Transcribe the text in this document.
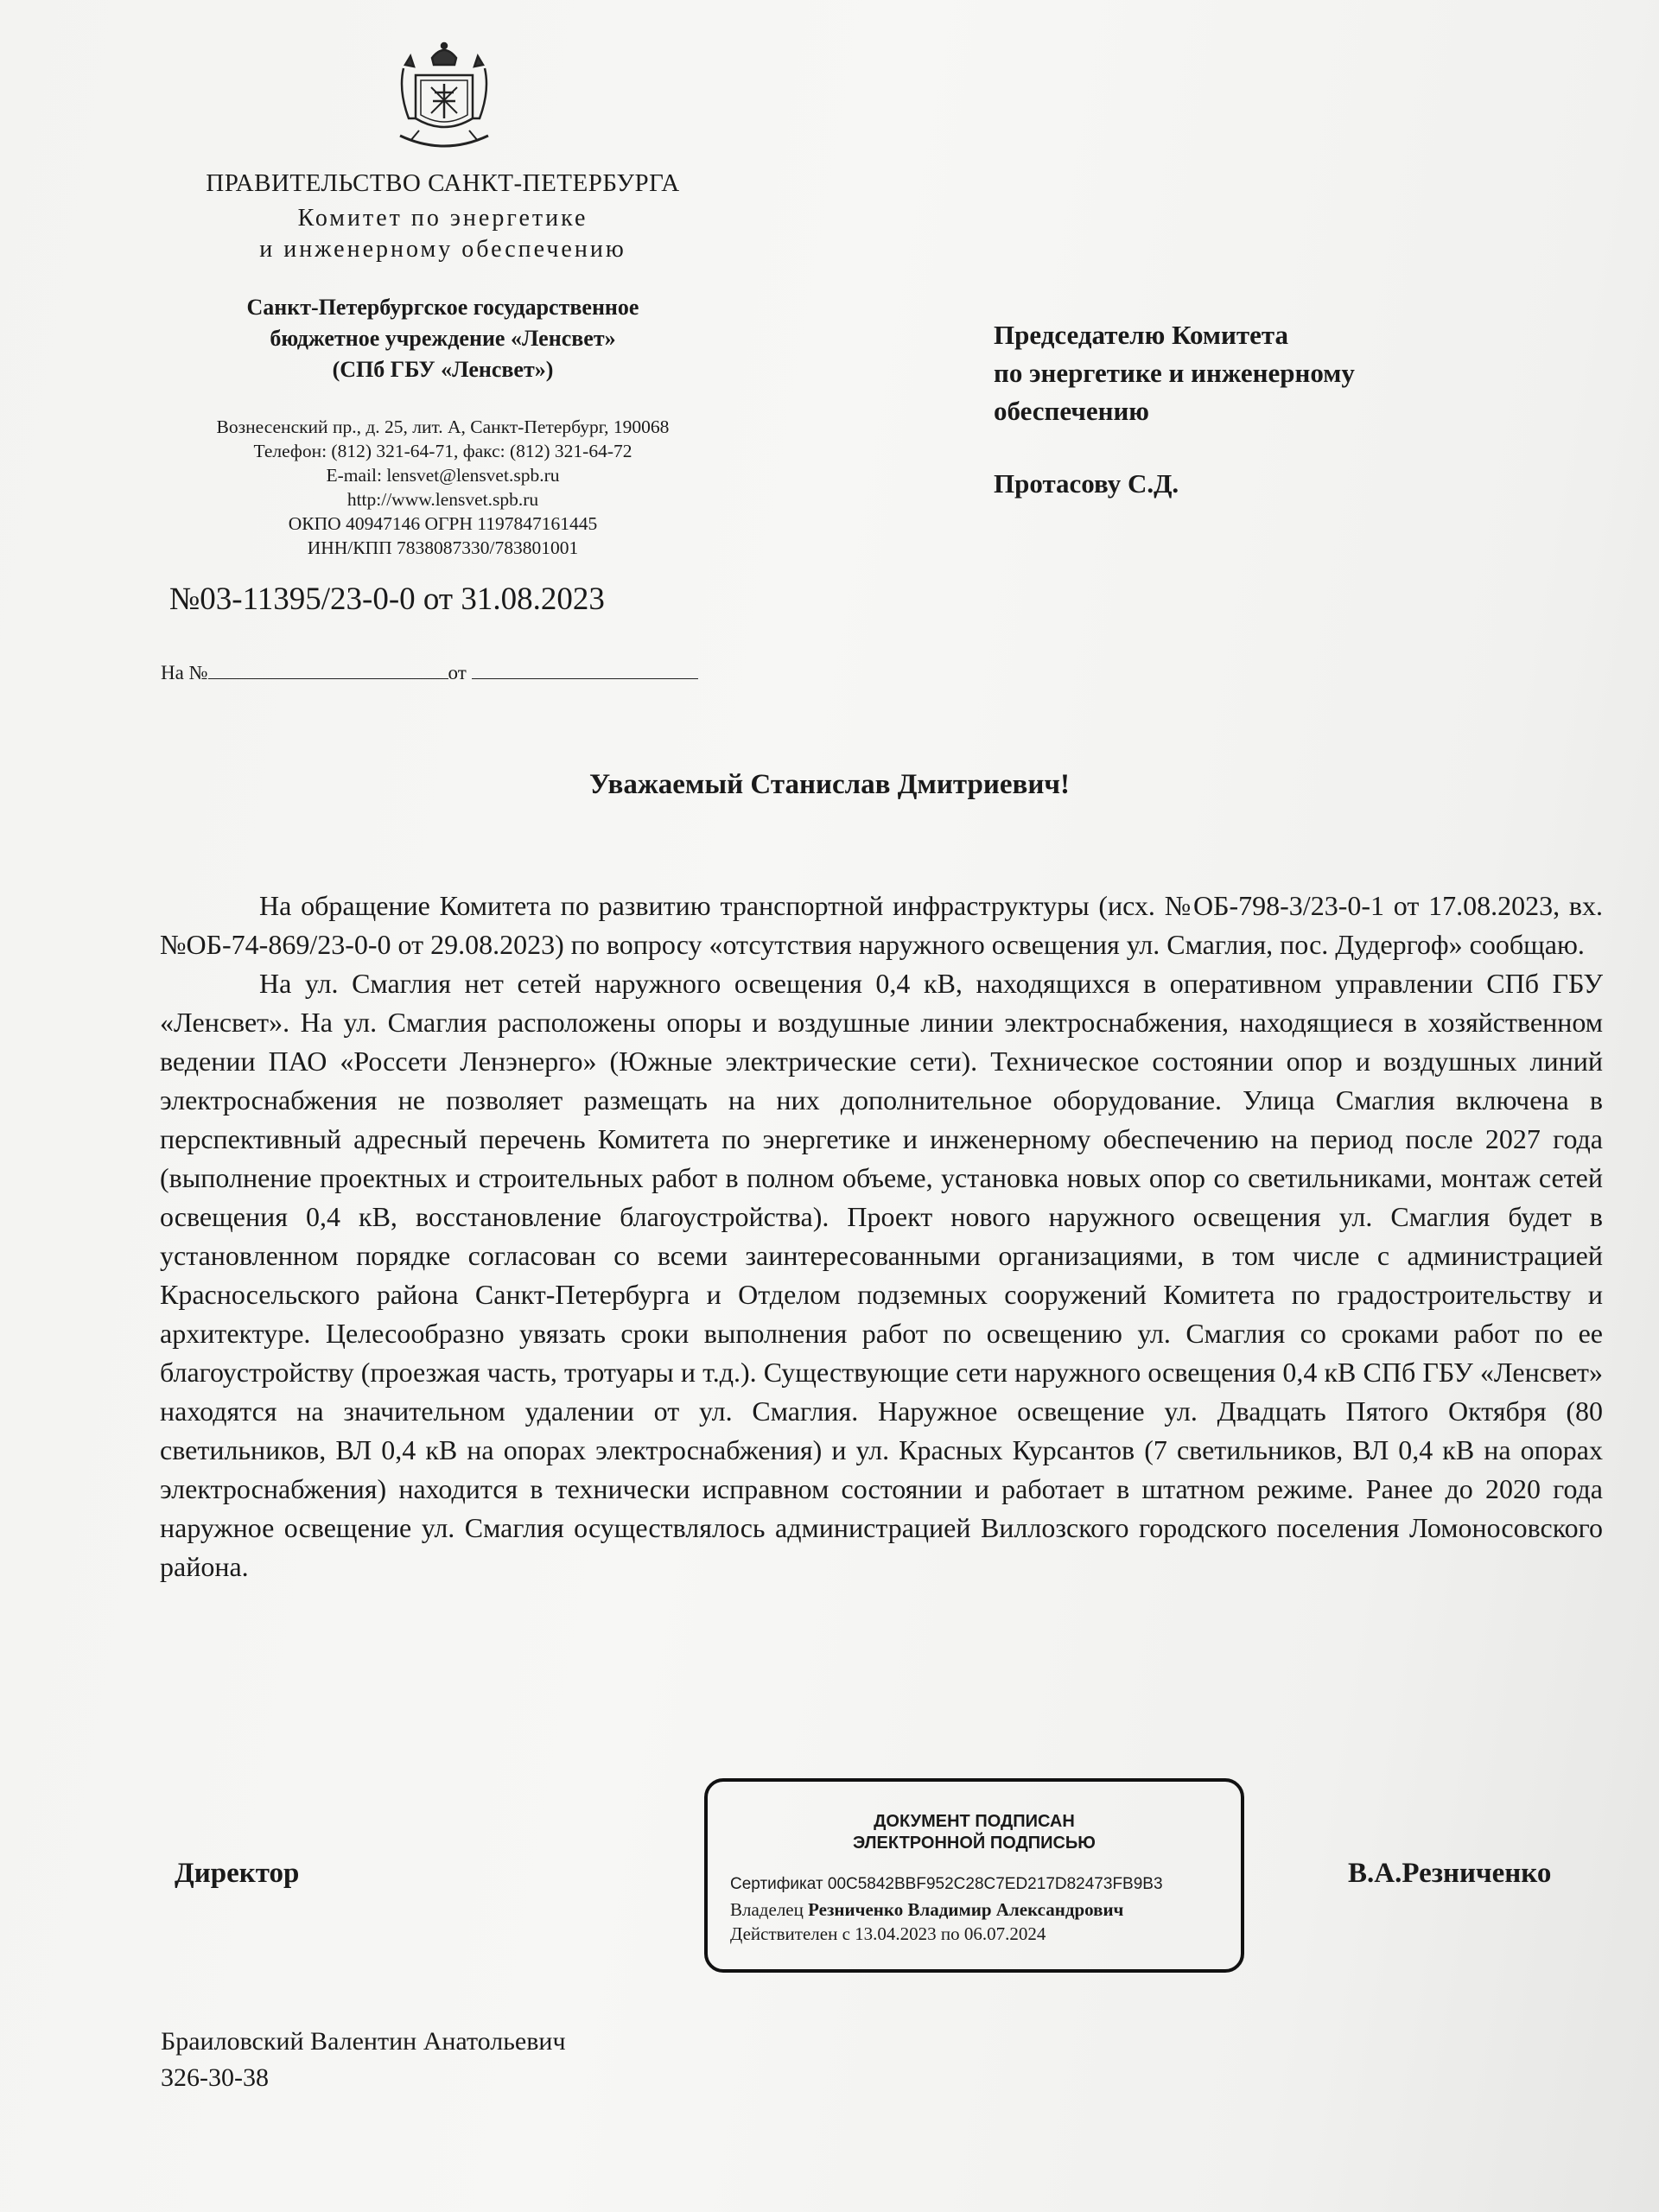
ПРАВИТЕЛЬСТВО САНКТ-ПЕТЕРБУРГА
Комитет по энергетике
и инженерному обеспечению
Санкт-Петербургское государственное
бюджетное учреждение «Ленсвет»
(СПб ГБУ «Ленсвет»)
Вознесенский пр., д. 25, лит. А, Санкт-Петербург, 190068
Телефон: (812) 321-64-71, факс: (812) 321-64-72
E-mail: lensvet@lensvet.spb.ru
http://www.lensvet.spb.ru
ОКПО 40947146 ОГРН 1197847161445
ИНН/КПП 7838087330/783801001
№03-11395/23-0-0 от 31.08.2023
На №	от
Председателю Комитета
по энергетике и инженерному
обеспечению
Протасову С.Д.
Уважаемый Станислав Дмитриевич!

На обращение Комитета по развитию транспортной инфраструктуры (исх. №ОБ-798-3/23-0-1 от 17.08.2023, вх. №ОБ-74-869/23-0-0 от 29.08.2023) по вопросу «отсутствия наружного освещения ул. Смаглия, пос. Дудергоф» сообщаю.

На ул. Смаглия нет сетей наружного освещения 0,4 кВ, находящихся в оперативном управлении СПб ГБУ «Ленсвет». На ул. Смаглия расположены опоры и воздушные линии электроснабжения, находящиеся в хозяйственном ведении ПАО «Россети Ленэнерго» (Южные электрические сети). Техническое состоянии опор и воздушных линий электроснабжения не позволяет размещать на них дополнительное оборудование. Улица Смаглия включена в перспективный адресный перечень Комитета по энергетике и инженерному обеспечению на период после 2027 года (выполнение проектных и строительных работ в полном объеме, установка новых опор со светильниками, монтаж сетей освещения 0,4 кВ, восстановление благоустройства). Проект нового наружного освещения ул. Смаглия будет в установленном порядке согласован со всеми заинтересованными организациями, в том числе с администрацией Красносельского района Санкт-Петербурга и Отделом подземных сооружений Комитета по градостроительству и архитектуре. Целесообразно увязать сроки выполнения работ по освещению ул. Смаглия со сроками работ по ее благоустройству (проезжая часть, тротуары и т.д.). Существующие сети наружного освещения 0,4 кВ СПб ГБУ «Ленсвет» находятся на значительном удалении от ул. Смаглия. Наружное освещение ул. Двадцать Пятого Октября (80 светильников, ВЛ 0,4 кВ на опорах электроснабжения) и ул. Красных Курсантов (7 светильников, ВЛ 0,4 кВ на опорах электроснабжения) находится в технически исправном состоянии и работает в штатном режиме. Ранее до 2020 года наружное освещение ул. Смаглия осуществлялось администрацией Виллозского городского поселения Ломоносовского района.

Директор
ДОКУМЕНТ ПОДПИСАН
ЭЛЕКТРОННОЙ ПОДПИСЬЮ
Сертификат 00C5842BBF952C28C7ED217D82473FB9B3
Владелец Резниченко Владимир Александрович
Действителен с 13.04.2023 по 06.07.2024
В.А.Резниченко
Браиловский Валентин Анатольевич
326-30-38
